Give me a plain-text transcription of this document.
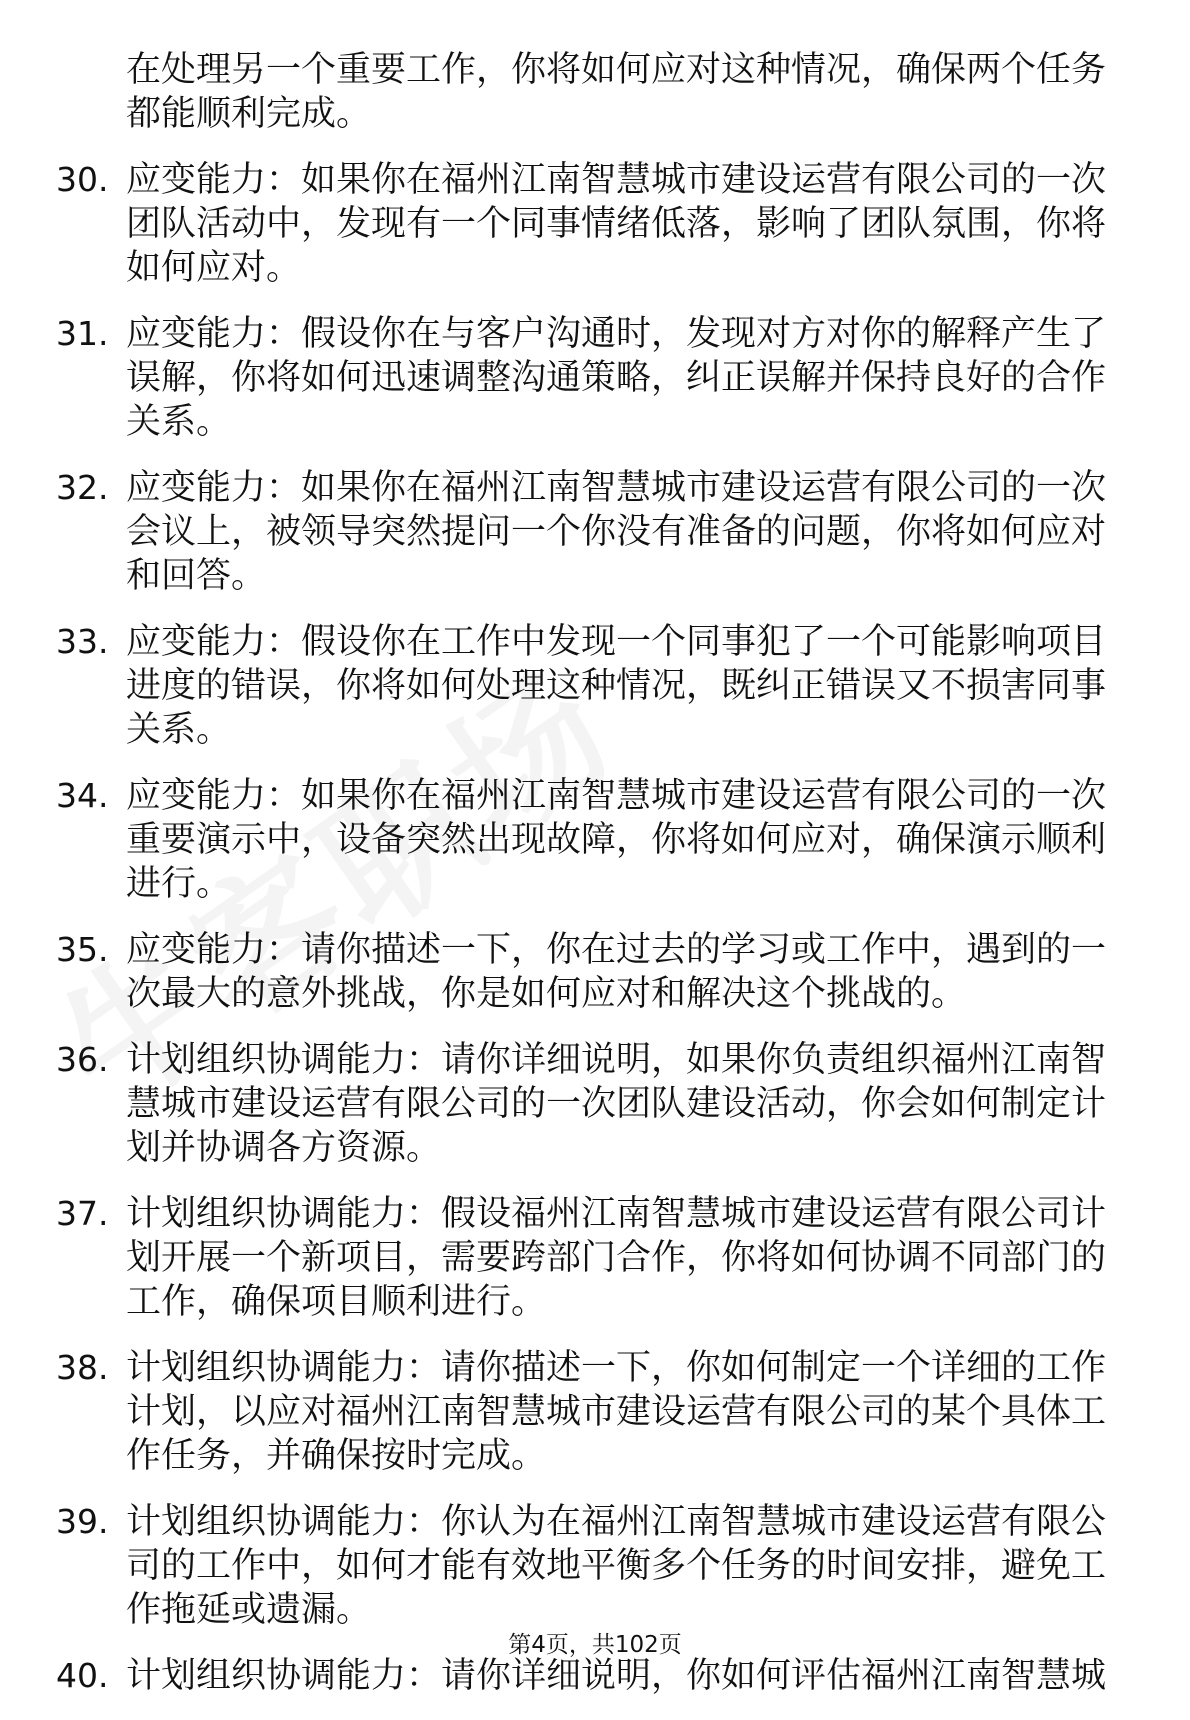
在处理另一个重要工作，你将如何应对这种情况，确保两个任务都能顺利完成。
30. 应变能力：如果你在福州江南智慧城市建设运营有限公司的一次团队活动中，发现有一个同事情绪低落，影响了团队氛围，你将如何应对。
31. 应变能力：假设你在与客户沟通时，发现对方对你的解释产生了误解，你将如何迅速调整沟通策略，纠正误解并保持良好的合作关系。
32. 应变能力：如果你在福州江南智慧城市建设运营有限公司的一次会议上，被领导突然提问一个你没有准备的问题，你将如何应对和回答。
33. 应变能力：假设你在工作中发现一个同事犯了一个可能影响项目进度的错误，你将如何处理这种情况，既纠正错误又不损害同事关系。
34. 应变能力：如果你在福州江南智慧城市建设运营有限公司的一次重要演示中，设备突然出现故障，你将如何应对，确保演示顺利进行。
35. 应变能力：请你描述一下，你在过去的学习或工作中，遇到的一次最大的意外挑战，你是如何应对和解决这个挑战的。
36. 计划组织协调能力：请你详细说明，如果你负责组织福州江南智慧城市建设运营有限公司的一次团队建设活动，你会如何制定计划并协调各方资源。
37. 计划组织协调能力：假设福州江南智慧城市建设运营有限公司计划开展一个新项目，需要跨部门合作，你将如何协调不同部门的工作，确保项目顺利进行。
38. 计划组织协调能力：请你描述一下，你如何制定一个详细的工作计划，以应对福州江南智慧城市建设运营有限公司的某个具体工作任务，并确保按时完成。
39. 计划组织协调能力：你认为在福州江南智慧城市建设运营有限公司的工作中，如何才能有效地平衡多个任务的时间安排，避免工作拖延或遗漏。
40. 计划组织协调能力：请你详细说明，你如何评估福州江南智慧城
第4页，共102页
